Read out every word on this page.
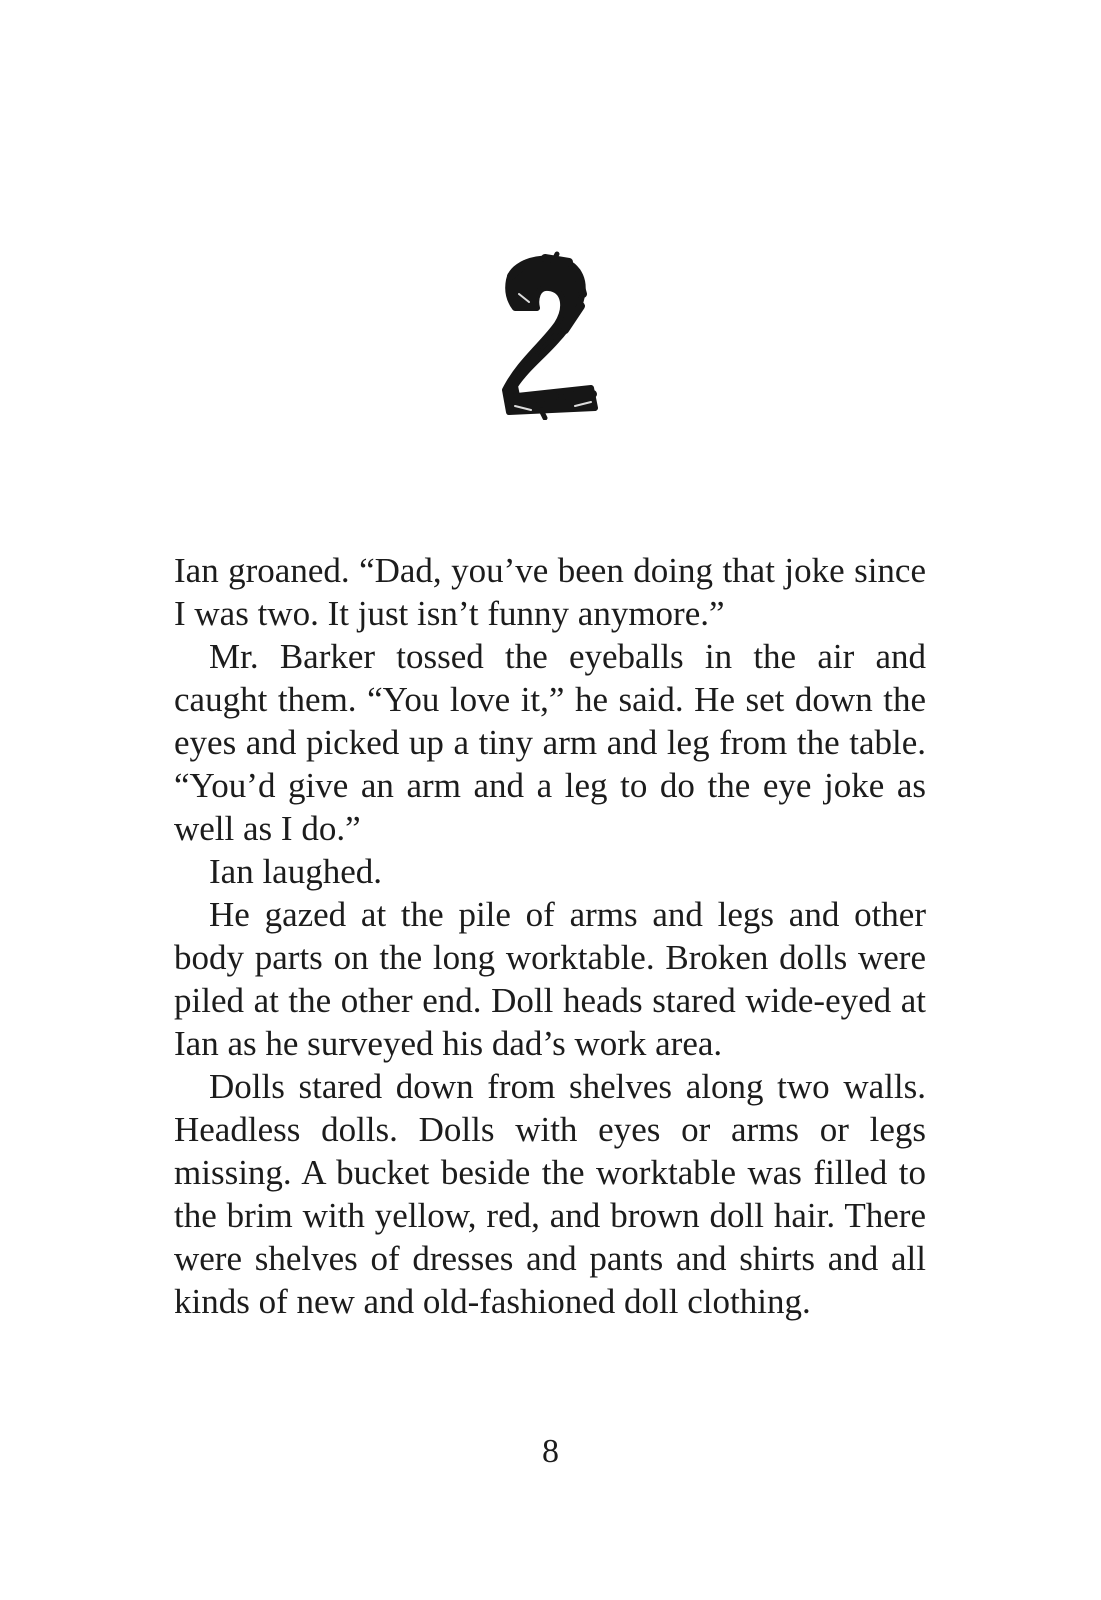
Ian groaned. “Dad, you’ve been doing that joke since I was two. It just isn’t funny anymore.”

Mr. Barker tossed the eyeballs in the air and caught them. “You love it,” he said. He set down the eyes and picked up a tiny arm and leg from the table. “You’d give an arm and a leg to do the eye joke as well as I do.”

Ian laughed.

He gazed at the pile of arms and legs and other body parts on the long worktable. Broken dolls were piled at the other end. Doll heads stared wide-eyed at Ian as he surveyed his dad’s work area.

Dolls stared down from shelves along two walls. Headless dolls. Dolls with eyes or arms or legs missing. A bucket beside the worktable was filled to the brim with yellow, red, and brown doll hair. There were shelves of dresses and pants and shirts and all kinds of new and old-fashioned doll clothing.

8
